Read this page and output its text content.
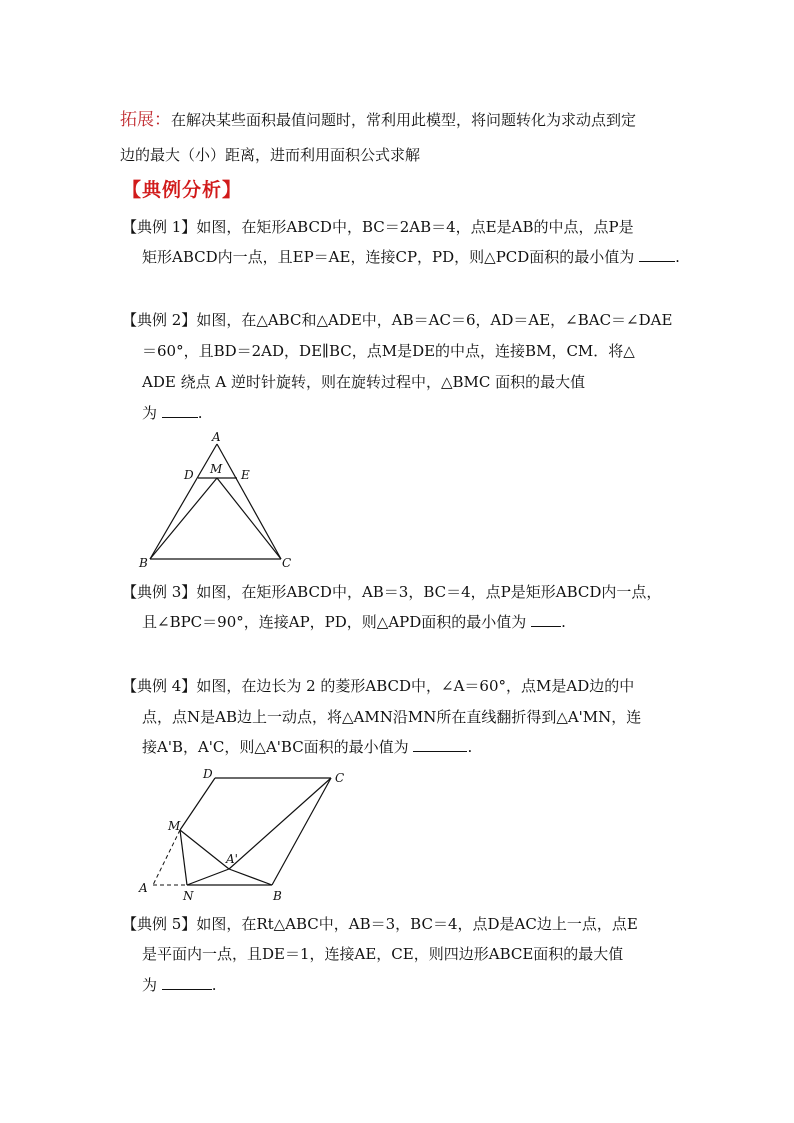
拓展：在解决某些面积最值问题时，常利用此模型，将问题转化为求动点到定
边的最大（小）距离，进而利用面积公式求解
【典例分析】
【典例 1】如图，在矩形ABCD中，BC＝2AB＝4，点E是AB的中点，点P是
矩形ABCD内一点，且EP＝AE，连接CP，PD，则△PCD面积的最小值为	.
【典例 2】如图，在△ABC和△ADE中，AB＝AC＝6，AD＝AE，∠BAC＝∠DAE
＝60°，且BD＝2AD，DE∥BC，点M是DE的中点，连接BM，CM．将△
ADE 绕点 A 逆时针旋转，则在旋转过程中，△BMC 面积的最大值
为	.
A
D M E
B	C
【典例 3】如图，在矩形ABCD中，AB＝3，BC＝4，点P是矩形ABCD内一点，
且∠BPC＝90°，连接AP，PD，则△APD面积的最小值为 .
【典例 4】如图，在边长为 2 的菱形ABCD中，∠A＝60°，点M是AD边的中
点，点N是AB边上一动点，将△AMN沿MN所在直线翻折得到△A'MN，连
接A'B，A'C，则△A'BC面积的最小值为	.
D	C
M
A'
A
N	B
【典例 5】如图，在Rt△ABC中，AB＝3，BC＝4，点D是AC边上一点，点E
是平面内一点，且DE＝1，连接AE，CE，则四边形ABCE面积的最大值
为	.
